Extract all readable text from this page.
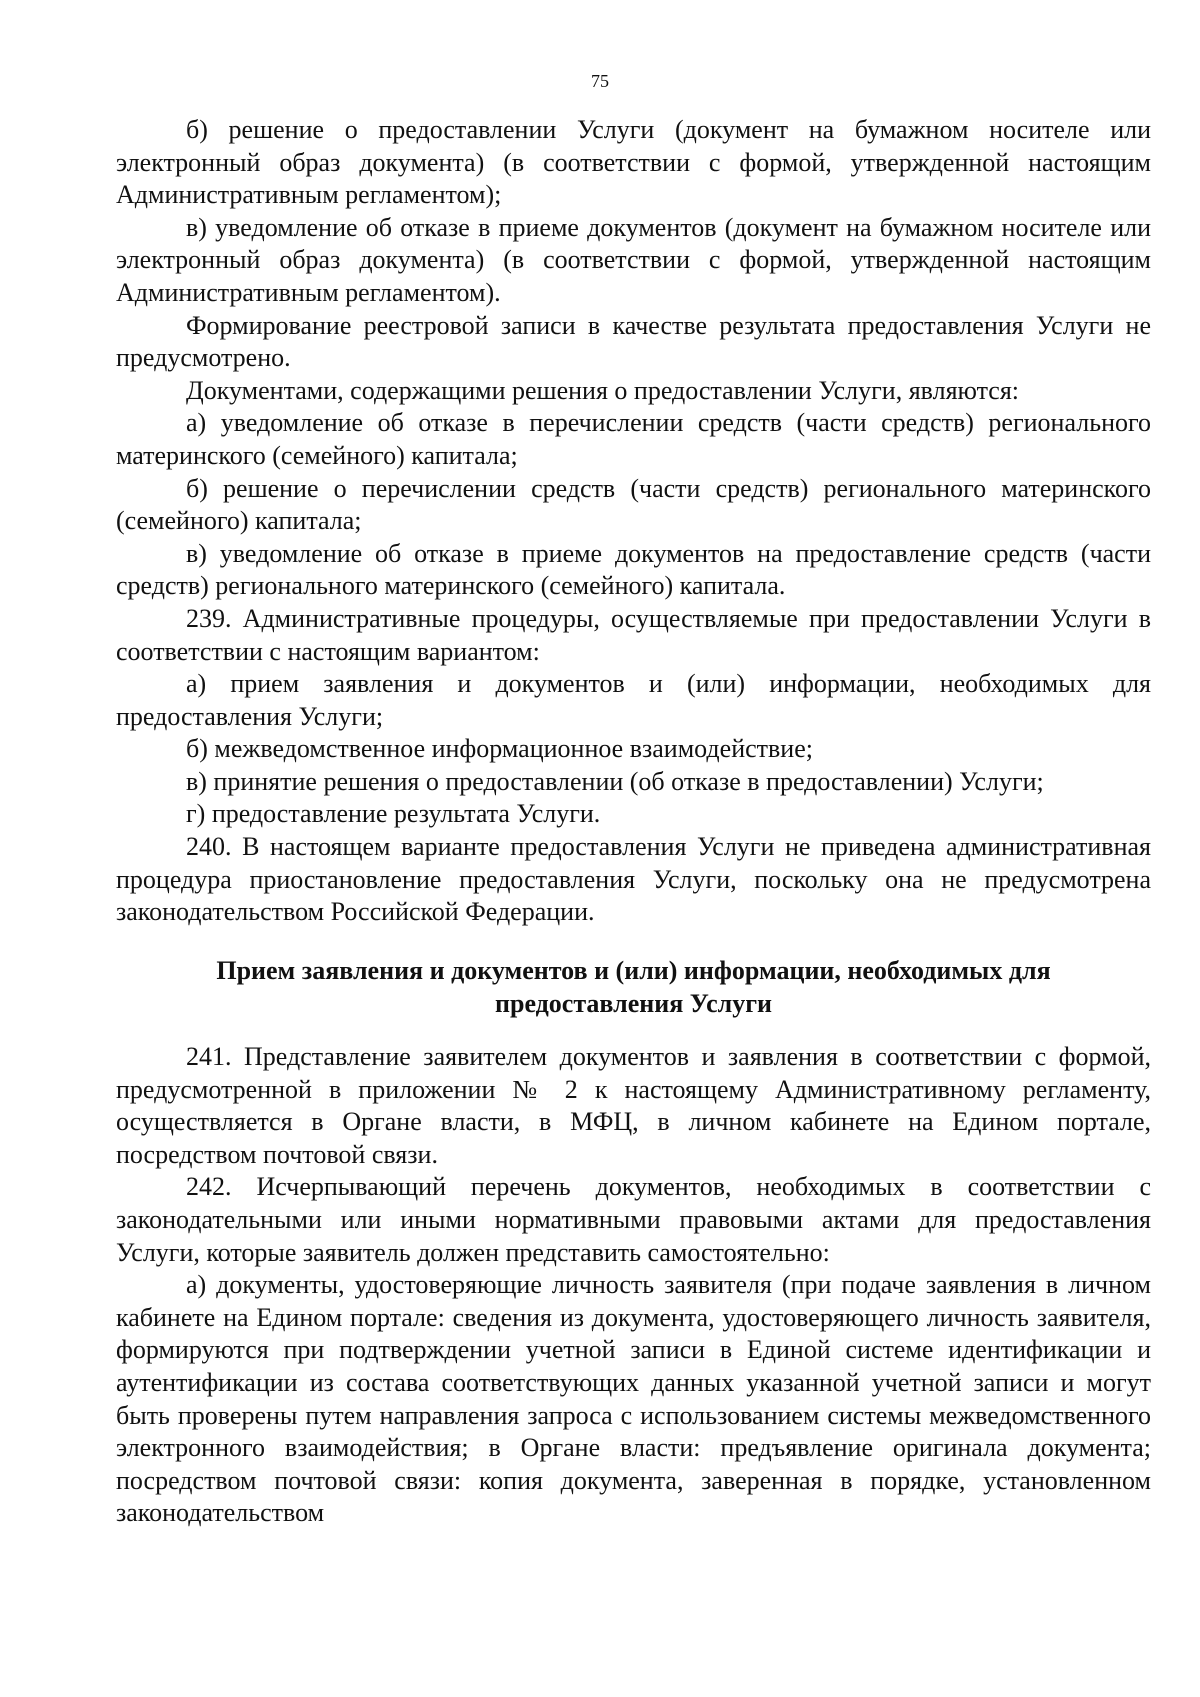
75

б) решение о предоставлении Услуги (документ на бумажном носителе или электронный образ документа) (в соответствии с формой, утвержденной настоящим Административным регламентом);

в) уведомление об отказе в приеме документов (документ на бумажном носителе или электронный образ документа) (в соответствии с формой, утвержденной настоящим Административным регламентом).

Формирование реестровой записи в качестве результата предоставления Услуги не предусмотрено.

Документами, содержащими решения о предоставлении Услуги, являются:

а) уведомление об отказе в перечислении средств (части средств) регионального материнского (семейного) капитала;

б) решение о перечислении средств (части средств) регионального материнского (семейного) капитала;

в) уведомление об отказе в приеме документов на предоставление средств (части средств) регионального материнского (семейного) капитала.

239. Административные процедуры, осуществляемые при предоставлении Услуги в соответствии с настоящим вариантом:

а) прием заявления и документов и (или) информации, необходимых для предоставления Услуги;

б) межведомственное информационное взаимодействие;

в) принятие решения о предоставлении (об отказе в предоставлении) Услуги;

г) предоставление результата Услуги.

240. В настоящем варианте предоставления Услуги не приведена административная процедура приостановление предоставления Услуги, поскольку она не предусмотрена законодательством Российской Федерации.

Прием заявления и документов и (или) информации, необходимых для
предоставления Услуги

241. Представление заявителем документов и заявления в соответствии с формой, предусмотренной в приложении № 2 к настоящему Административному регламенту, осуществляется в Органе власти, в МФЦ, в личном кабинете на Едином портале, посредством почтовой связи.

242. Исчерпывающий перечень документов, необходимых в соответствии с законодательными или иными нормативными правовыми актами для предоставления Услуги, которые заявитель должен представить самостоятельно:

а) документы, удостоверяющие личность заявителя (при подаче заявления в личном кабинете на Едином портале: сведения из документа, удостоверяющего личность заявителя, формируются при подтверждении учетной записи в Единой системе идентификации и аутентификации из состава соответствующих данных указанной учетной записи и могут быть проверены путем направления запроса с использованием системы межведомственного электронного взаимодействия; в Органе власти: предъявление оригинала документа; посредством почтовой связи: копия документа, заверенная в порядке, установленном законодательством
